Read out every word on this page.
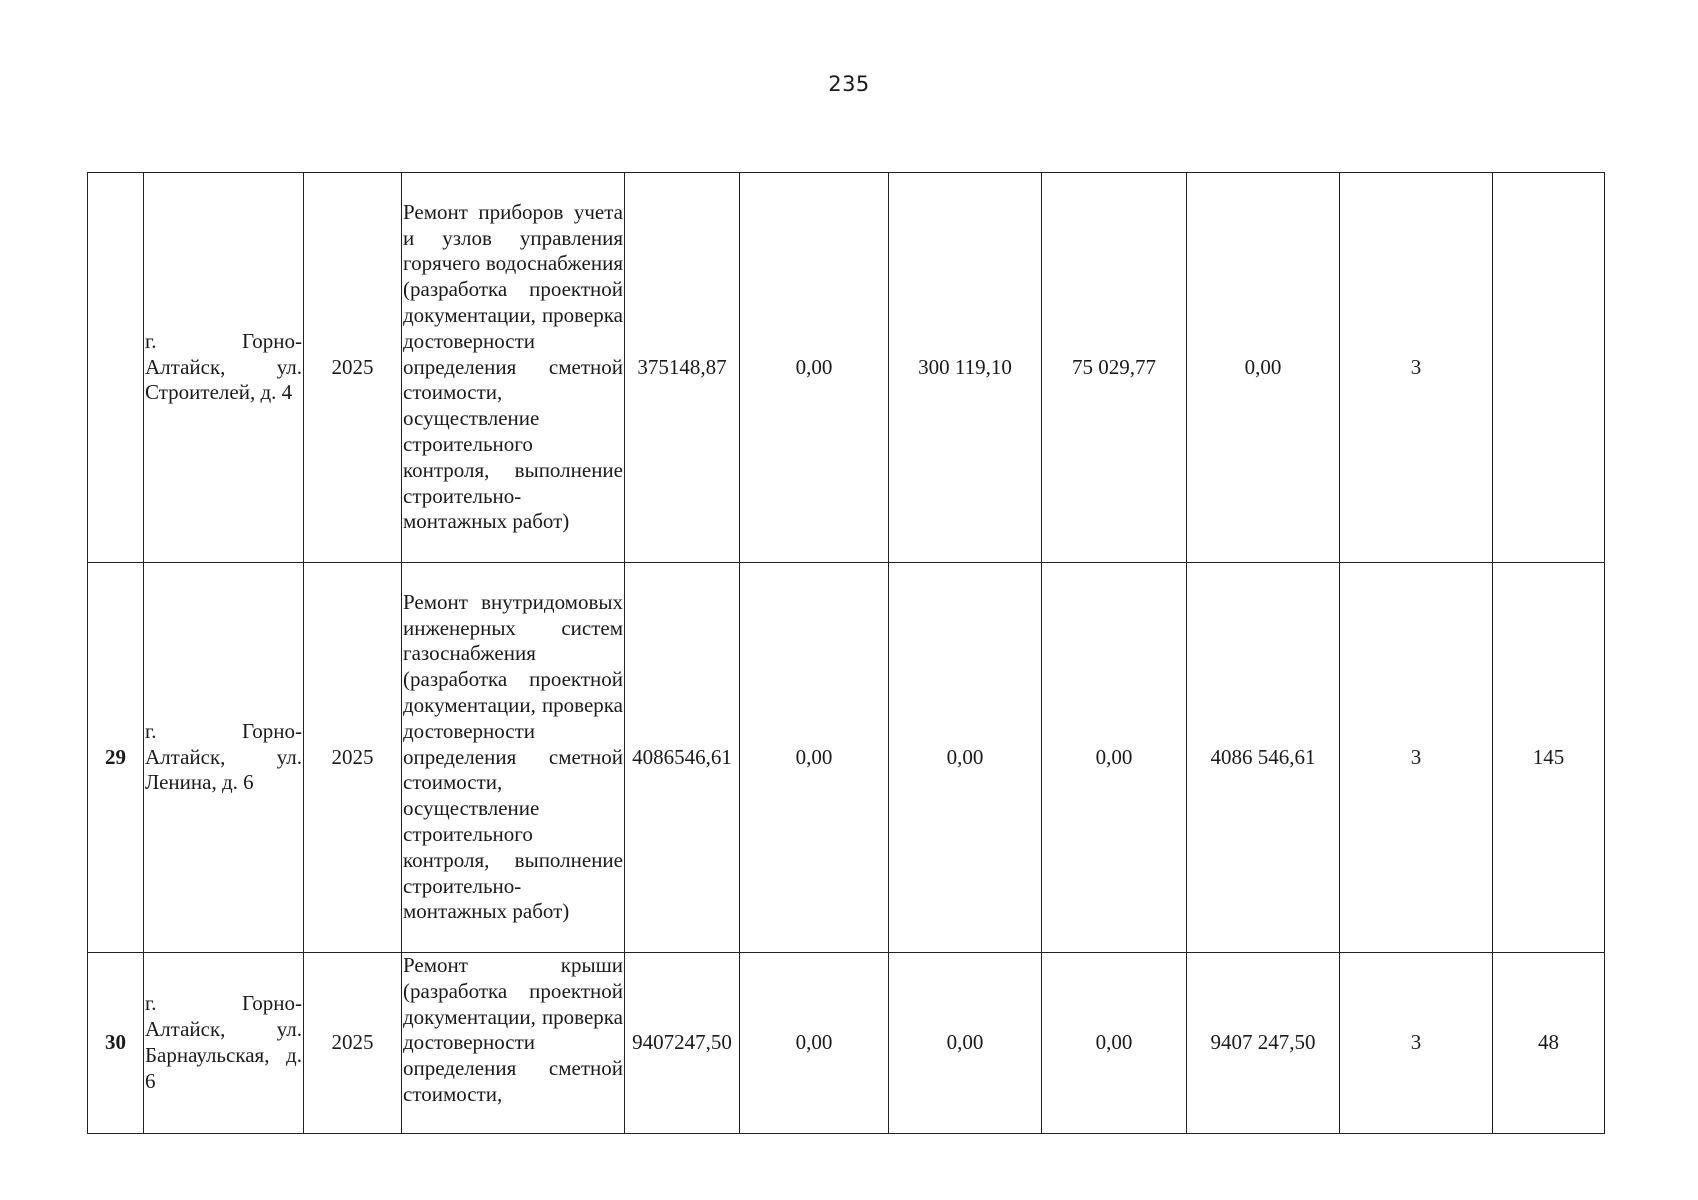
235
	г. Горно-Алтайск, ул. Строителей, д. 4	2025	Ремонт приборов учета и узлов управления горячего водоснабжения (разработка проектной документации, проверка достоверности определения сметной стоимости, осуществление строительного контроля, выполнение строительно-монтажных работ)	375148,87	0,00	300 119,10	75 029,77	0,00	3	
29	г. Горно-Алтайск, ул. Ленина, д. 6	2025	Ремонт внутридомовых инженерных систем газоснабжения (разработка проектной документации, проверка достоверности определения сметной стоимости, осуществление строительного контроля, выполнение строительно-монтажных работ)	4086546,61	0,00	0,00	0,00	4086 546,61	3	145
30	г. Горно-Алтайск, ул. Барнаульская, д. 6	2025	Ремонт крыши (разработка проектной документации, проверка достоверности определения сметной стоимости,	9407247,50	0,00	0,00	0,00	9407 247,50	3	48
